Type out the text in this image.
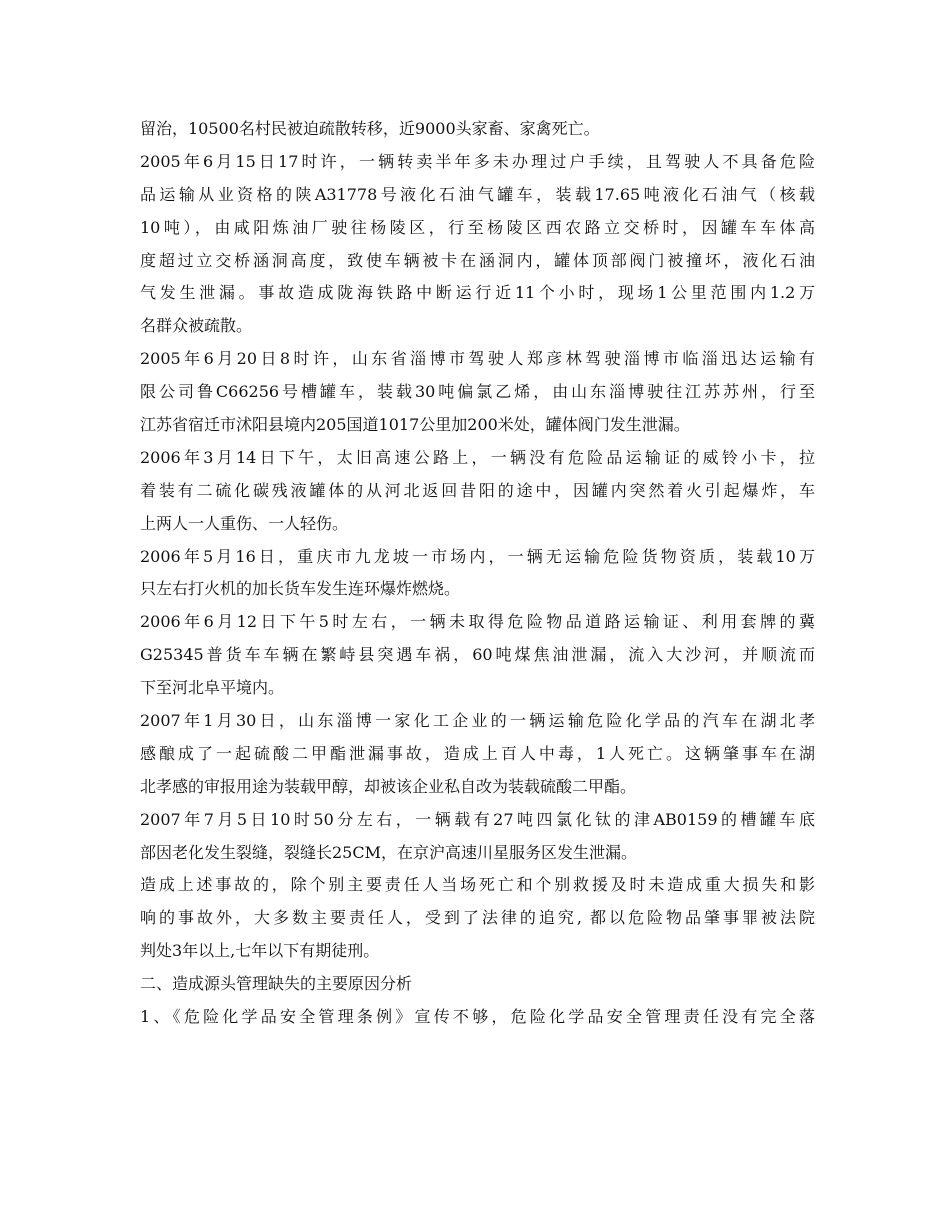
留治，10500名村民被迫疏散转移，近9000头家畜、家禽死亡。
2005年6月15日17时许，一辆转卖半年多未办理过户手续，且驾驶人不具备危险
品运输从业资格的陕A31778号液化石油气罐车，装载17.65吨液化石油气（核载
10吨），由咸阳炼油厂驶往杨陵区，行至杨陵区西农路立交桥时，因罐车车体高
度超过立交桥涵洞高度，致使车辆被卡在涵洞内，罐体顶部阀门被撞坏，液化石油
气发生泄漏。事故造成陇海铁路中断运行近11个小时，现场1公里范围内1.2万
名群众被疏散。
2005年6月20日8时许，山东省淄博市驾驶人郑彦林驾驶淄博市临淄迅达运输有
限公司鲁C66256号槽罐车，装载30吨偏氯乙烯，由山东淄博驶往江苏苏州，行至
江苏省宿迁市沭阳县境内205国道1017公里加200米处，罐体阀门发生泄漏。
2006年3月14日下午，太旧高速公路上，一辆没有危险品运输证的威铃小卡，拉
着装有二硫化碳残液罐体的从河北返回昔阳的途中，因罐内突然着火引起爆炸，车
上两人一人重伤、一人轻伤。
2006年5月16日，重庆市九龙坡一市场内，一辆无运输危险货物资质，装载10万
只左右打火机的加长货车发生连环爆炸燃烧。
2006年6月12日下午5时左右，一辆未取得危险物品道路运输证、利用套牌的冀
G25345普货车车辆在繁峙县突遇车祸，60吨煤焦油泄漏，流入大沙河，并顺流而
下至河北阜平境内。
2007年1月30日，山东淄博一家化工企业的一辆运输危险化学品的汽车在湖北孝
感酿成了一起硫酸二甲酯泄漏事故，造成上百人中毒，1人死亡。这辆肇事车在湖
北孝感的审报用途为装载甲醇，却被该企业私自改为装载硫酸二甲酯。
2007年7月5日10时50分左右，一辆载有27吨四氯化钛的津AB0159的槽罐车底
部因老化发生裂缝，裂缝长25CM，在京沪高速川星服务区发生泄漏。
造成上述事故的，除个别主要责任人当场死亡和个别救援及时未造成重大损失和影
响的事故外，大多数主要责任人，受到了法律的追究, 都以危险物品肇事罪被法院
判处3年以上,七年以下有期徒刑。
二、造成源头管理缺失的主要原因分析
1、《危险化学品安全管理条例》宣传不够，危险化学品安全管理责任没有完全落
